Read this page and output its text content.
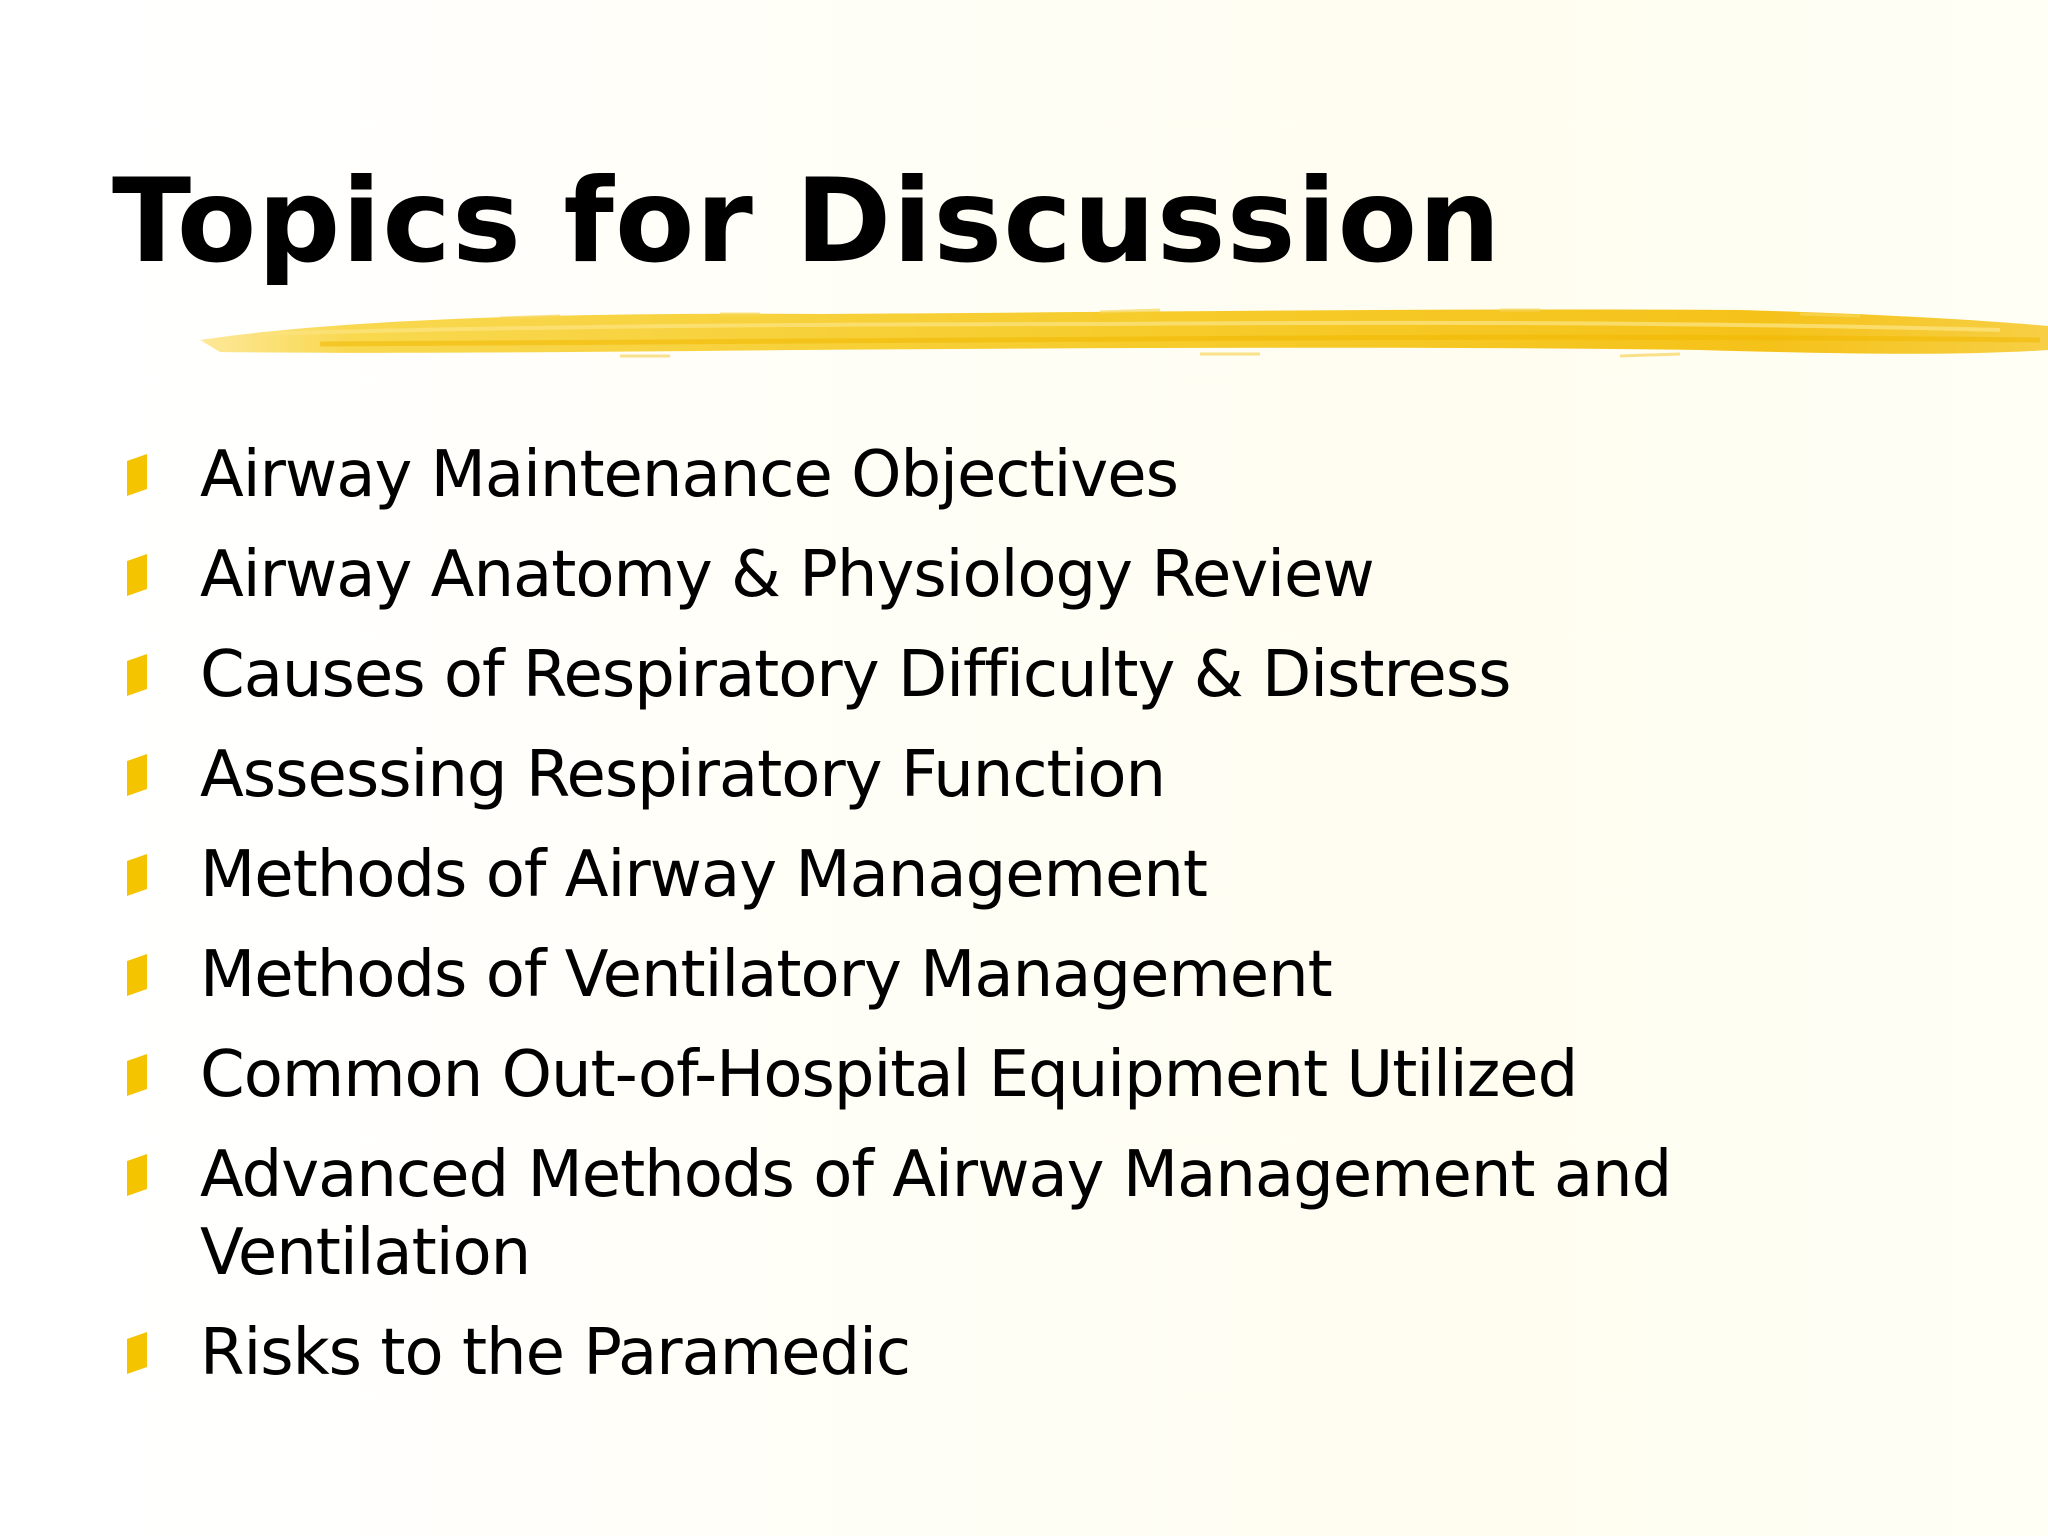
Topics for Discussion
Airway Maintenance Objectives
Airway Anatomy & Physiology Review
Causes of Respiratory Difficulty & Distress
Assessing Respiratory Function
Methods of Airway Management
Methods of Ventilatory Management
Common Out-of-Hospital Equipment Utilized
Advanced Methods of Airway Management and Ventilation
Risks to the Paramedic
